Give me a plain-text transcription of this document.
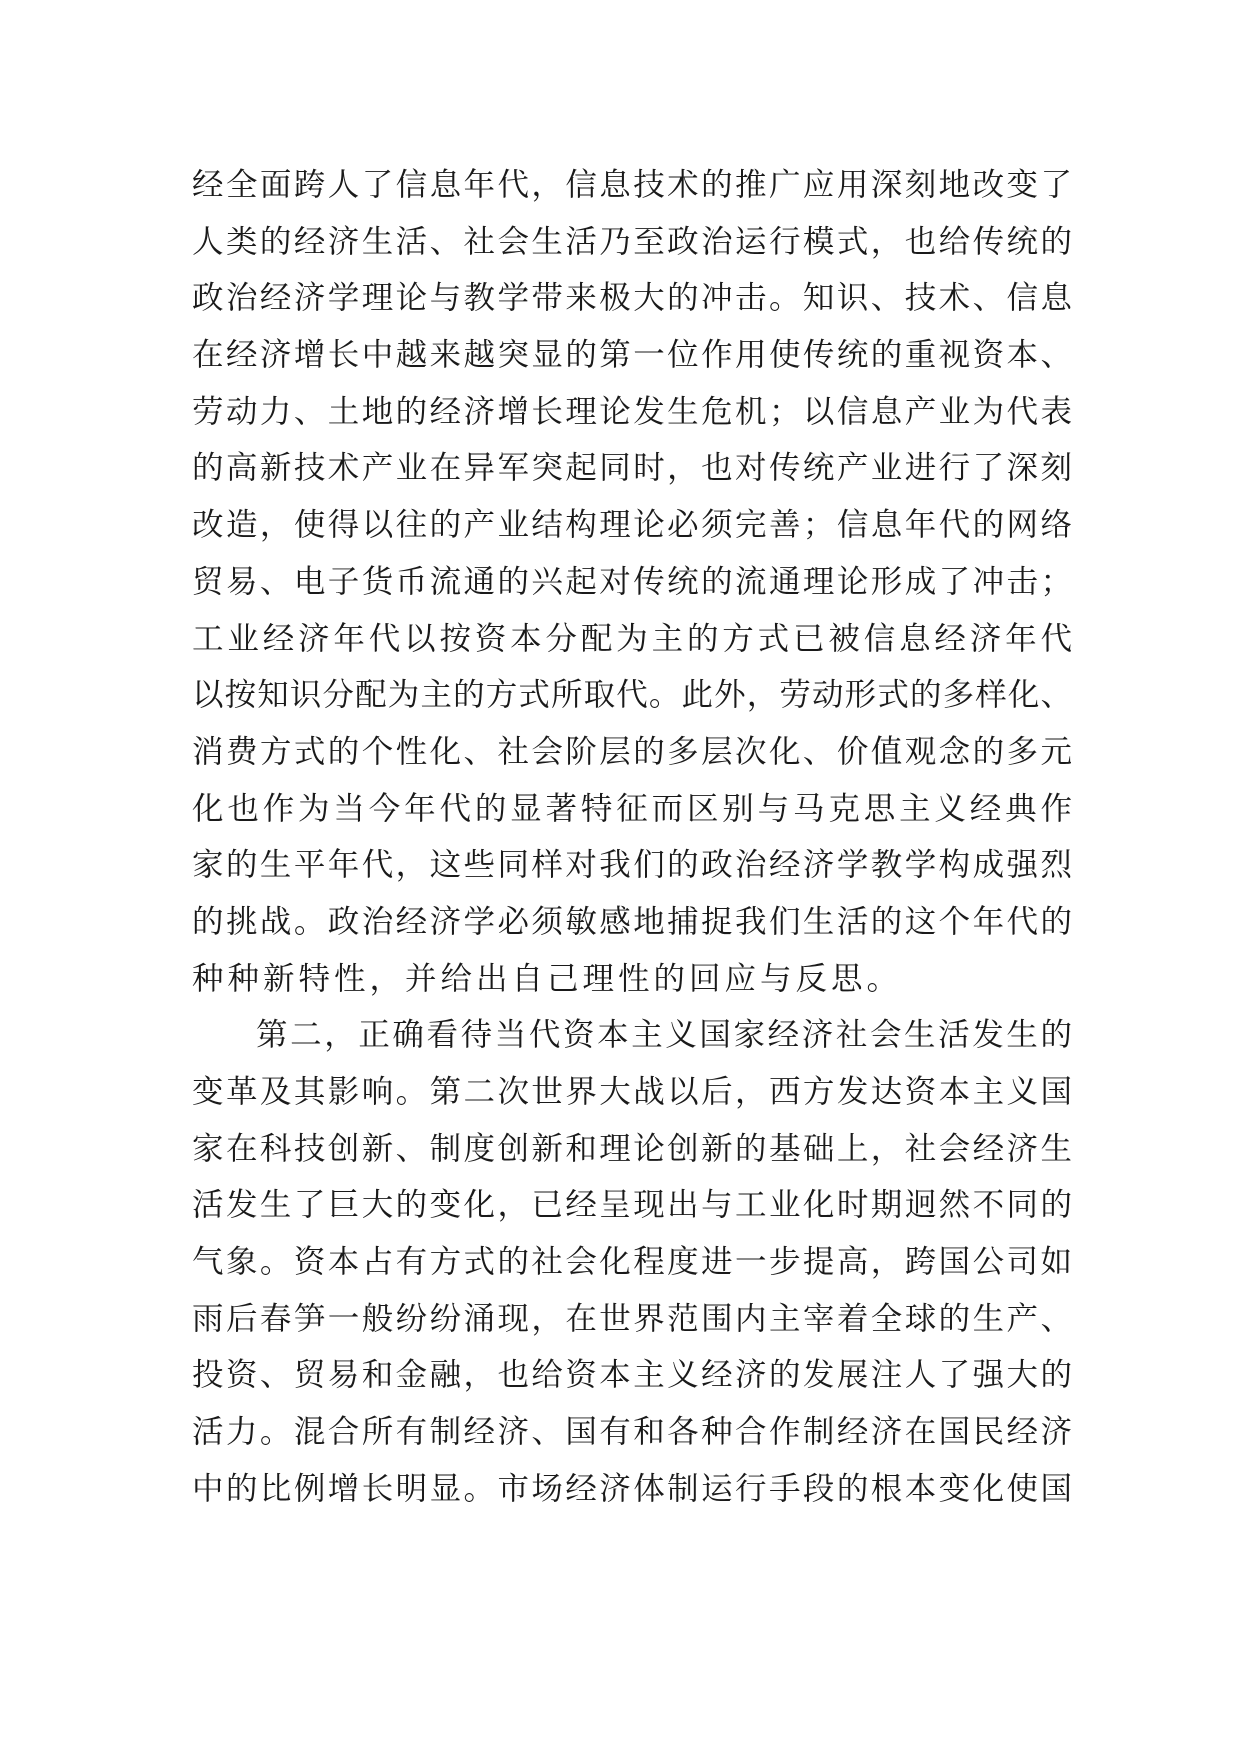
经全面跨人了信息年代，信息技术的推广应用深刻地改变了
人类的经济生活、社会生活乃至政治运行模式，也给传统的
政治经济学理论与教学带来极大的冲击。知识、技术、信息
在经济增长中越来越突显的第一位作用使传统的重视资本、
劳动力、土地的经济增长理论发生危机；以信息产业为代表
的高新技术产业在异军突起同时，也对传统产业进行了深刻
改造，使得以往的产业结构理论必须完善；信息年代的网络
贸易、电子货币流通的兴起对传统的流通理论形成了冲击；
工业经济年代以按资本分配为主的方式已被信息经济年代
以按知识分配为主的方式所取代。此外，劳动形式的多样化、
消费方式的个性化、社会阶层的多层次化、价值观念的多元
化也作为当今年代的显著特征而区别与马克思主义经典作
家的生平年代，这些同样对我们的政治经济学教学构成强烈
的挑战。政治经济学必须敏感地捕捉我们生活的这个年代的
种种新特性，并给出自己理性的回应与反思。
第二，正确看待当代资本主义国家经济社会生活发生的
变革及其影响。第二次世界大战以后，西方发达资本主义国
家在科技创新、制度创新和理论创新的基础上，社会经济生
活发生了巨大的变化，已经呈现出与工业化时期迥然不同的
气象。资本占有方式的社会化程度进一步提高，跨国公司如
雨后春笋一般纷纷涌现，在世界范围内主宰着全球的生产、
投资、贸易和金融，也给资本主义经济的发展注人了强大的
活力。混合所有制经济、国有和各种合作制经济在国民经济
中的比例增长明显。市场经济体制运行手段的根本变化使国
